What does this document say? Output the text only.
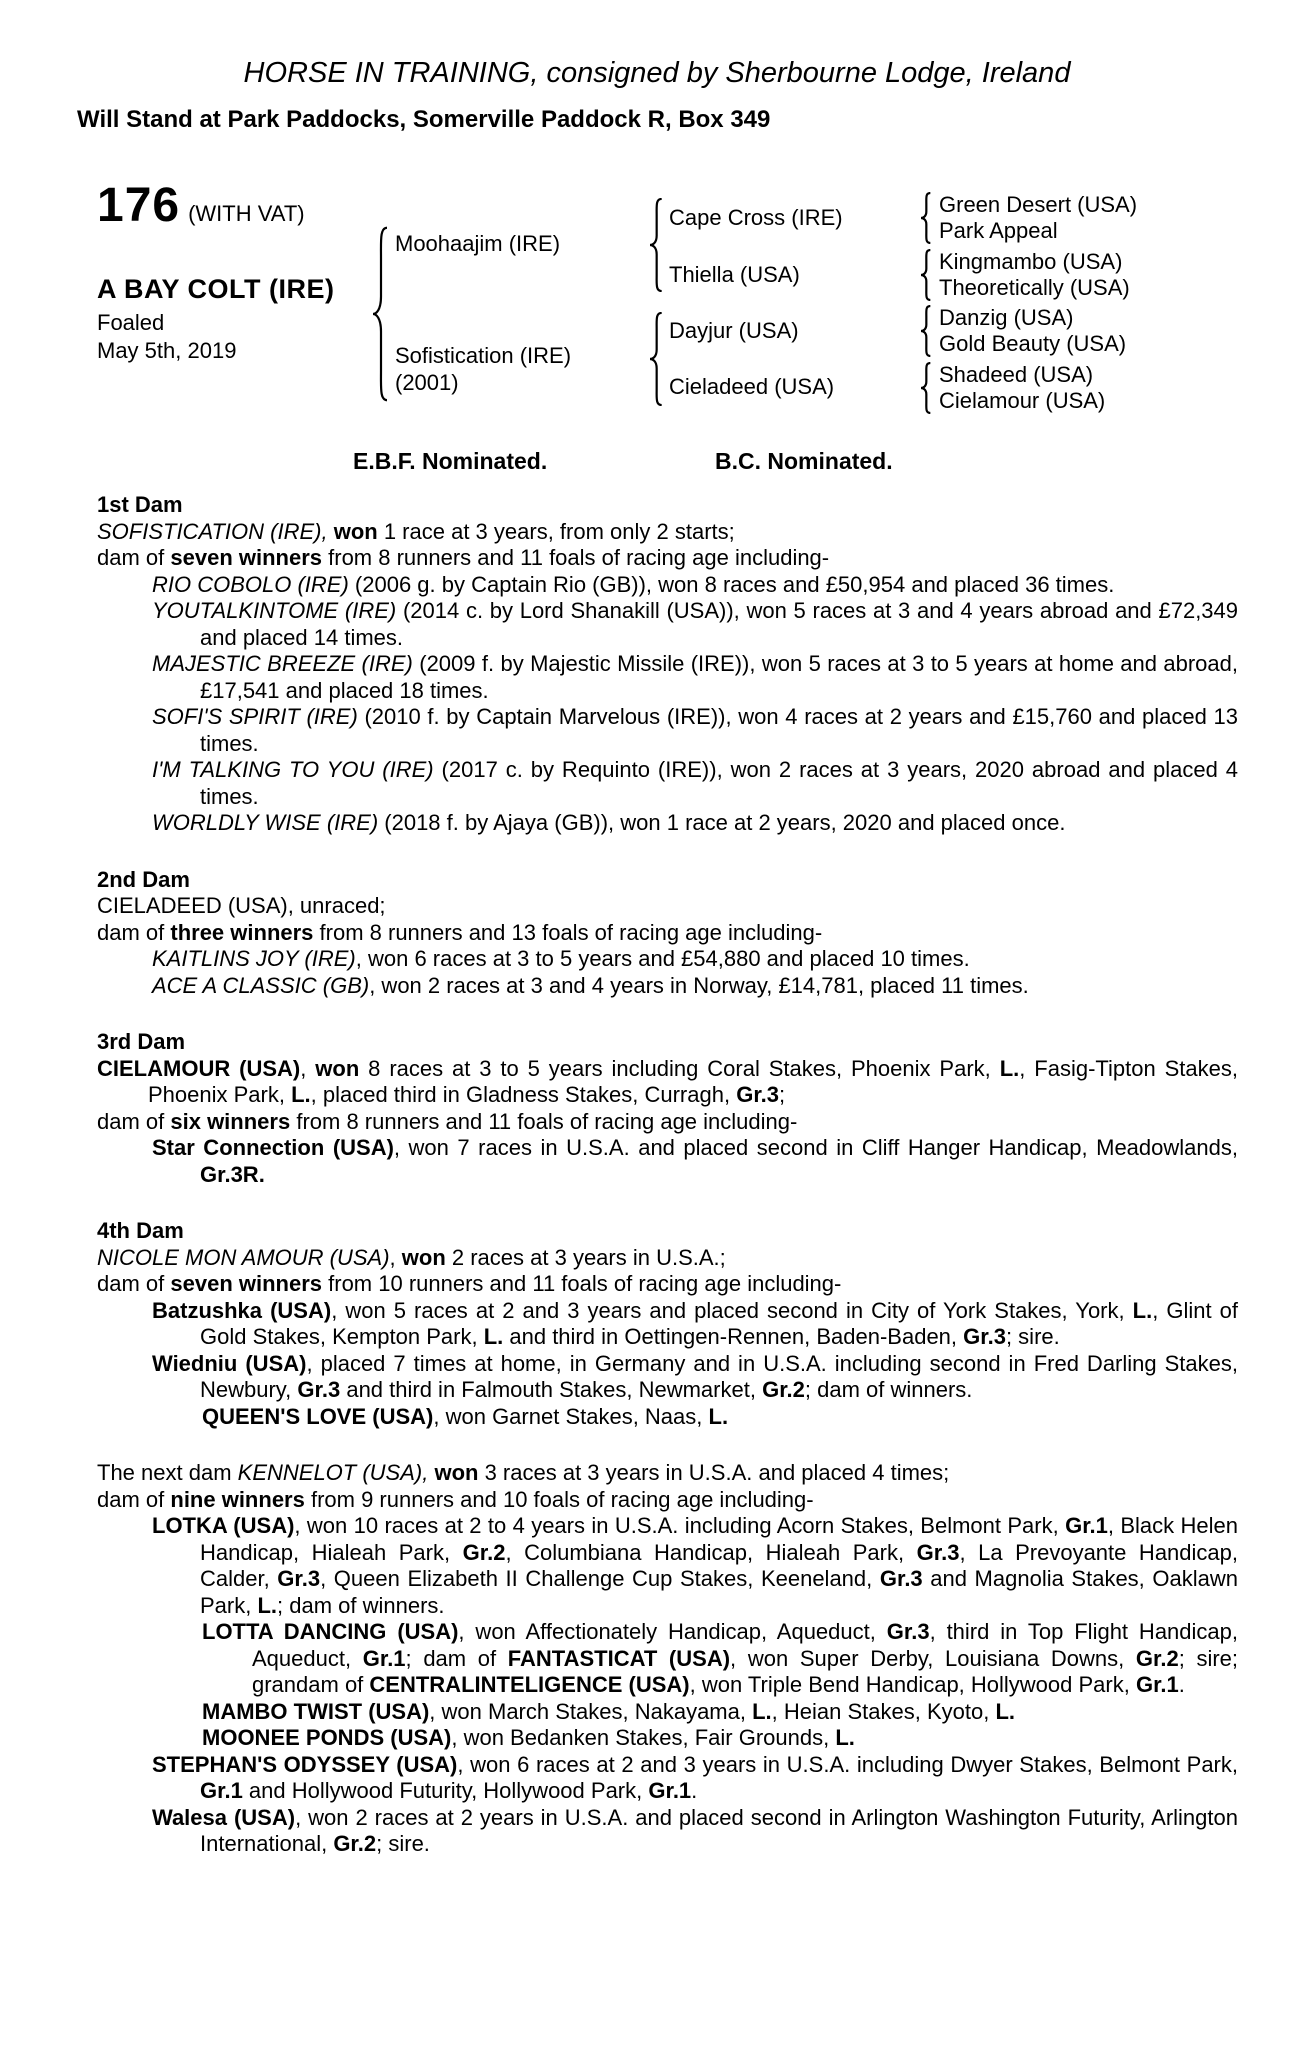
HORSE IN TRAINING, consigned by Sherbourne Lodge, Ireland
Will Stand at Park Paddocks, Somerville Paddock R, Box 349
176 (WITH VAT)
A BAY COLT (IRE)
Foaled
May 5th, 2019
Moohaajim (IRE)
Sofistication (IRE)
(2001)
Cape Cross (IRE)
Thiella (USA)
Dayjur (USA)
Cieladeed (USA)
Green Desert (USA)
Park Appeal
Kingmambo (USA)
Theoretically (USA)
Danzig (USA)
Gold Beauty (USA)
Shadeed (USA)
Cielamour (USA)
E.B.F. Nominated.	B.C. Nominated.
1st Dam

SOFISTICATION (IRE), won 1 race at 3 years, from only 2 starts;

dam of seven winners from 8 runners and 11 foals of racing age including-

RIO COBOLO (IRE) (2006 g. by Captain Rio (GB)), won 8 races and £50,954 and placed 36 times.

YOUTALKINTOME (IRE) (2014 c. by Lord Shanakill (USA)), won 5 races at 3 and 4 years abroad and £72,349 and placed 14 times.

MAJESTIC BREEZE (IRE) (2009 f. by Majestic Missile (IRE)), won 5 races at 3 to 5 years at home and abroad, £17,541 and placed 18 times.

SOFI'S SPIRIT (IRE) (2010 f. by Captain Marvelous (IRE)), won 4 races at 2 years and £15,760 and placed 13 times.

I'M TALKING TO YOU (IRE) (2017 c. by Requinto (IRE)), won 2 races at 3 years, 2020 abroad and placed 4 times.

WORLDLY WISE (IRE) (2018 f. by Ajaya (GB)), won 1 race at 2 years, 2020 and placed once.

2nd Dam

CIELADEED (USA), unraced;

dam of three winners from 8 runners and 13 foals of racing age including-

KAITLINS JOY (IRE), won 6 races at 3 to 5 years and £54,880 and placed 10 times.

ACE A CLASSIC (GB), won 2 races at 3 and 4 years in Norway, £14,781, placed 11 times.

3rd Dam

CIELAMOUR (USA), won 8 races at 3 to 5 years including Coral Stakes, Phoenix Park, L., Fasig-Tipton Stakes, Phoenix Park, L., placed third in Gladness Stakes, Curragh, Gr.3;

dam of six winners from 8 runners and 11 foals of racing age including-

Star Connection (USA), won 7 races in U.S.A. and placed second in Cliff Hanger Handicap, Meadowlands, Gr.3R.

4th Dam

NICOLE MON AMOUR (USA), won 2 races at 3 years in U.S.A.;

dam of seven winners from 10 runners and 11 foals of racing age including-

Batzushka (USA), won 5 races at 2 and 3 years and placed second in City of York Stakes, York, L., Glint of Gold Stakes, Kempton Park, L. and third in Oettingen-Rennen, Baden-Baden, Gr.3; sire.

Wiedniu (USA), placed 7 times at home, in Germany and in U.S.A. including second in Fred Darling Stakes, Newbury, Gr.3 and third in Falmouth Stakes, Newmarket, Gr.2; dam of winners.

QUEEN'S LOVE (USA), won Garnet Stakes, Naas, L.

The next dam KENNELOT (USA), won 3 races at 3 years in U.S.A. and placed 4 times;

dam of nine winners from 9 runners and 10 foals of racing age including-

LOTKA (USA), won 10 races at 2 to 4 years in U.S.A. including Acorn Stakes, Belmont Park, Gr.1, Black Helen Handicap, Hialeah Park, Gr.2, Columbiana Handicap, Hialeah Park, Gr.3, La Prevoyante Handicap, Calder, Gr.3, Queen Elizabeth II Challenge Cup Stakes, Keeneland, Gr.3 and Magnolia Stakes, Oaklawn Park, L.; dam of winners.

LOTTA DANCING (USA), won Affectionately Handicap, Aqueduct, Gr.3, third in Top Flight Handicap, Aqueduct, Gr.1; dam of FANTASTICAT (USA), won Super Derby, Louisiana Downs, Gr.2; sire; grandam of CENTRALINTELIGENCE (USA), won Triple Bend Handicap, Hollywood Park, Gr.1.

MAMBO TWIST (USA), won March Stakes, Nakayama, L., Heian Stakes, Kyoto, L.

MOONEE PONDS (USA), won Bedanken Stakes, Fair Grounds, L.

STEPHAN'S ODYSSEY (USA), won 6 races at 2 and 3 years in U.S.A. including Dwyer Stakes, Belmont Park, Gr.1 and Hollywood Futurity, Hollywood Park, Gr.1.

Walesa (USA), won 2 races at 2 years in U.S.A. and placed second in Arlington Washington Futurity, Arlington International, Gr.2; sire.
